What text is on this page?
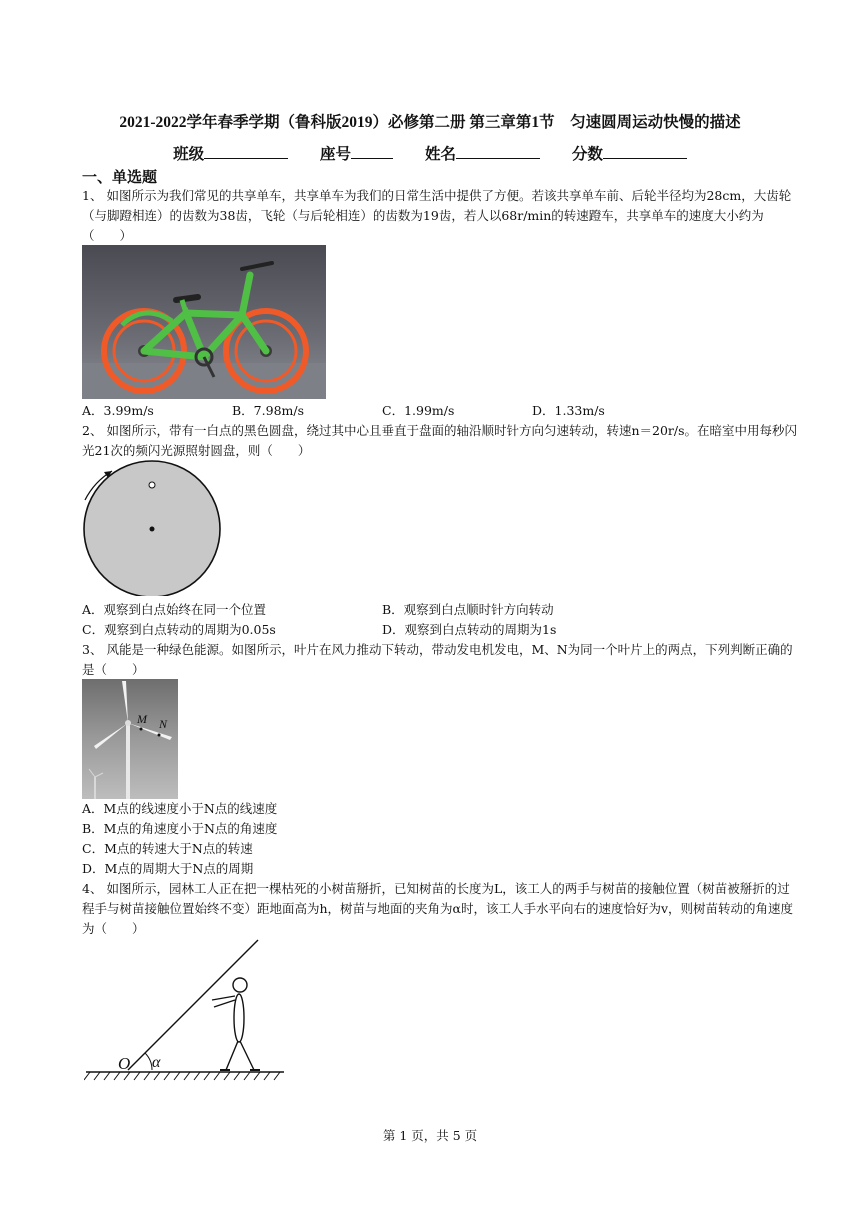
2021-2022学年春季学期（鲁科版2019）必修第二册 第三章第1节　匀速圆周运动快慢的描述
班级	座号	姓名	分数
一、单选题
1、 如图所示为我们常见的共享单车，共享单车为我们的日常生活中提供了方便。若该共享单车前、后轮半径均为28cm，大齿轮（与脚蹬相连）的齿数为38齿，飞轮（与后轮相连）的齿数为19齿，若人以68r/min的转速蹬车，共享单车的速度大小约为（　　）
A．3.99m/s	B．7.98m/s	C．1.99m/s	D．1.33m/s
2、 如图所示，带有一白点的黑色圆盘，绕过其中心且垂直于盘面的轴沿顺时针方向匀速转动，转速n＝20r/s。在暗室中用每秒闪光21次的频闪光源照射圆盘，则（　　）
A．观察到白点始终在同一个位置	B．观察到白点顺时针方向转动
C．观察到白点转动的周期为0.05s	D．观察到白点转动的周期为1s
3、 风能是一种绿色能源。如图所示，叶片在风力推动下转动，带动发电机发电，M、N为同一个叶片上的两点，下列判断正确的是（　　）
M N
A．M点的线速度小于N点的线速度
B．M点的角速度小于N点的角速度
C．M点的转速大于N点的转速
D．M点的周期大于N点的周期
4、 如图所示，园林工人正在把一棵枯死的小树苗掰折，已知树苗的长度为L，该工人的两手与树苗的接触位置（树苗被掰折的过程手与树苗接触位置始终不变）距地面高为h，树苗与地面的夹角为α时，该工人手水平向右的速度恰好为v，则树苗转动的角速度为（　　）
O α
第 1 页，共 5 页
